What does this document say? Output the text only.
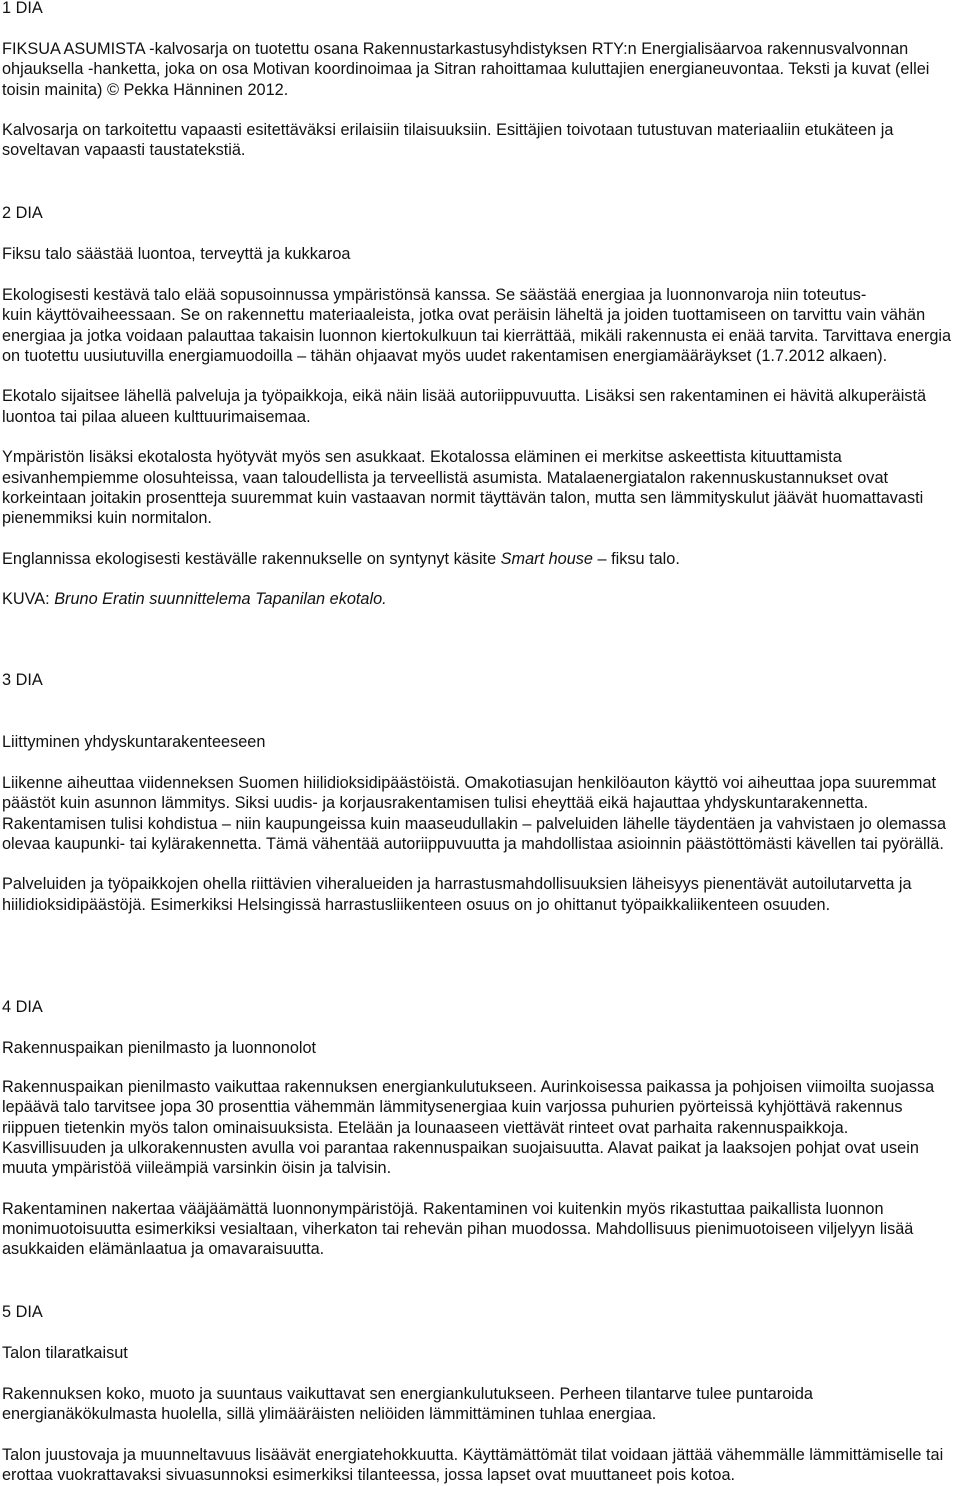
1 DIA

FIKSUA ASUMISTA -kalvosarja on tuotettu osana Rakennustarkastusyhdistyksen RTY:n Energialisäarvoa rakennusvalvonnan ohjauksella -hanketta, joka on osa Motivan koordinoimaa ja Sitran rahoittamaa kuluttajien energianeuvontaa. Teksti ja kuvat (ellei toisin mainita) © Pekka Hänninen 2012.

Kalvosarja on tarkoitettu vapaasti esitettäväksi erilaisiin tilaisuuksiin. Esittäjien toivotaan tutustuvan materiaaliin etukäteen ja soveltavan vapaasti taustatekstiä.

2 DIA
Fiksu talo säästää luontoa, terveyttä ja kukkaroa

Ekologisesti kestävä talo elää sopusoinnussa ympäristönsä kanssa. Se säästää energiaa ja luonnonvaroja niin toteutus-kuin käyttövaiheessaan. Se on rakennettu materiaaleista, jotka ovat peräisin läheltä ja joiden tuottamiseen on tarvittu vain vähän energiaa ja jotka voidaan palauttaa takaisin luonnon kiertokulkuun tai kierrättää, mikäli rakennusta ei enää tarvita. Tarvittava energia on tuotettu uusiutuvilla energiamuodoilla – tähän ohjaavat myös uudet rakentamisen energiamääräykset (1.7.2012 alkaen).

Ekotalo sijaitsee lähellä palveluja ja työpaikkoja, eikä näin lisää autoriippuvuutta. Lisäksi sen rakentaminen ei hävitä alkuperäistä luontoa tai pilaa alueen kulttuurimaisemaa.

Ympäristön lisäksi ekotalosta hyötyvät myös sen asukkaat. Ekotalossa eläminen ei merkitse askeettista kituuttamista esivanhempiemme olosuhteissa, vaan taloudellista ja terveellistä asumista. Matalaenergiatalon rakennuskustannukset ovat korkeintaan joitakin prosentteja suuremmat kuin vastaavan normit täyttävän talon, mutta sen lämmityskulut jäävät huomattavasti pienemmiksi kuin normitalon.

Englannissa ekologisesti kestävälle rakennukselle on syntynyt käsite Smart house – fiksu talo.

KUVA: Bruno Eratin suunnittelema Tapanilan ekotalo.

3 DIA
Liittyminen yhdyskuntarakenteeseen

Liikenne aiheuttaa viidenneksen Suomen hiilidioksidipäästöistä. Omakotiasujan henkilöauton käyttö voi aiheuttaa jopa suuremmat päästöt kuin asunnon lämmitys. Siksi uudis- ja korjausrakentamisen tulisi eheyttää eikä hajauttaa yhdyskuntarakennetta. Rakentamisen tulisi kohdistua – niin kaupungeissa kuin maaseudullakin – palveluiden lähelle täydentäen ja vahvistaen jo olemassa olevaa kaupunki- tai kylärakennetta. Tämä vähentää autoriippuvuutta ja mahdollistaa asioinnin päästöttömästi kävellen tai pyörällä.

Palveluiden ja työpaikkojen ohella riittävien viheralueiden ja harrastusmahdollisuuksien läheisyys pienentävät autoilutarvetta ja hiilidioksidipäästöjä. Esimerkiksi Helsingissä harrastusliikenteen osuus on jo ohittanut työpaikkaliikenteen osuuden.

4 DIA
Rakennuspaikan pienilmasto ja luonnonolot

Rakennuspaikan pienilmasto vaikuttaa rakennuksen energiankulutukseen. Aurinkoisessa paikassa ja pohjoisen viimoilta suojassa lepäävä talo tarvitsee jopa 30 prosenttia vähemmän lämmitysenergiaa kuin varjossa puhurien pyörteissä kyhjöttävä rakennus riippuen tietenkin myös talon ominaisuuksista. Etelään ja lounaaseen viettävät rinteet ovat parhaita rakennuspaikkoja. Kasvillisuuden ja ulkorakennusten avulla voi parantaa rakennuspaikan suojaisuutta. Alavat paikat ja laaksojen pohjat ovat usein muuta ympäristöä viileämpiä varsinkin öisin ja talvisin.

Rakentaminen nakertaa vääjäämättä luonnonympäristöjä. Rakentaminen voi kuitenkin myös rikastuttaa paikallista luonnon monimuotoisuutta esimerkiksi vesialtaan, viherkaton tai rehevän pihan muodossa. Mahdollisuus pienimuotoiseen viljelyyn lisää asukkaiden elämänlaatua ja omavaraisuutta.

5 DIA
Talon tilaratkaisut

Rakennuksen koko, muoto ja suuntaus vaikuttavat sen energiankulutukseen. Perheen tilantarve tulee puntaroida energianäkökulmasta huolella, sillä ylimääräisten neliöiden lämmittäminen tuhlaa energiaa.

Talon juustovaja ja muunneltavuus lisäävät energiatehokkuutta. Käyttämättömät tilat voidaan jättää vähemmälle lämmittämiselle tai erottaa vuokrattavaksi sivuasunnoksi esimerkiksi tilanteessa, jossa lapset ovat muuttaneet pois kotoa.
